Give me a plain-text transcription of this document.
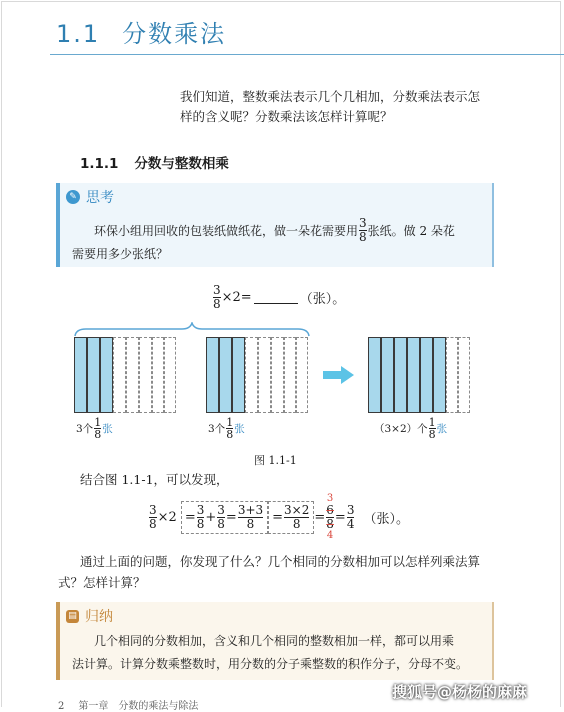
1.1 分数乘法

我们知道，整数乘法表示几个几相加，分数乘法表示怎

样的含义呢？分数乘法该怎样计算呢？

1.1.1 分数与整数相乘
✎ 思考
环保小组用回收的包装纸做纸花，做一朵花需要用 $\frac{3}{8}$ 张纸。做 2 朵花
需要用多少张纸？
$\frac{3}{8} \times 2=$	（张）。
3个 $\frac{1}{8}$ 张	3个 $\frac{1}{8}$ 张	（3×2）个 $\frac{1}{8}$ 张
图 1.1-1

结合图 1.1-1，可以发现，

$\frac{3}{8} \times 2 = \frac{3}{8} + \frac{3}{8} = \frac{3+3}{8} = \frac{3\times 2}{8}$ =
3
$\frac{6}{8}$
4
= $\frac{3}{4}$ （张）。

通过上面的问题，你发现了什么？几个相同的分数相加可以怎样列乘法算

式？怎样计算？

▤ 归纳
几个相同的分数相加，含义和几个相同的整数相加一样，都可以用乘
法计算。计算分数乘整数时，用分数的分子乘整数的积作分子，分母不变。
2 第一章　分数的乘法与除法
搜狐号@杨杨的麻麻
